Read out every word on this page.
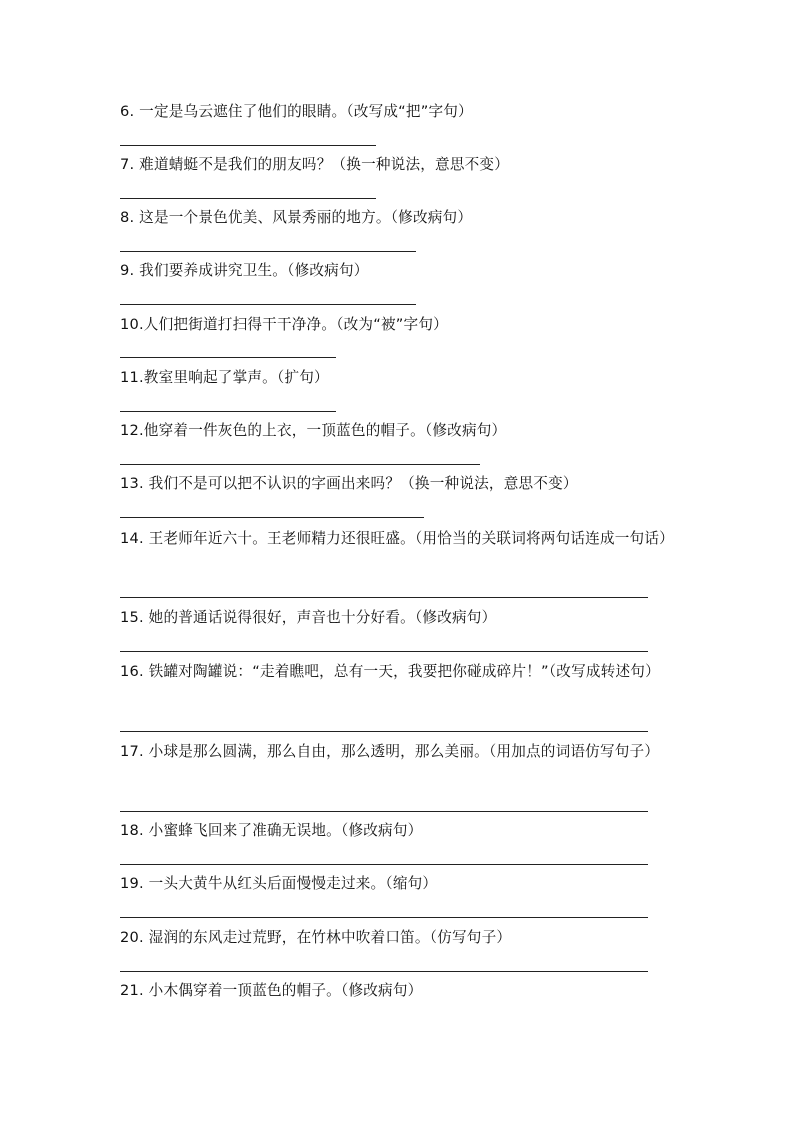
6. 一定是乌云遮住了他们的眼睛。（改写成“把”字句）
7. 难道蜻蜓不是我们的朋友吗？（换一种说法，意思不变）
8. 这是一个景色优美、风景秀丽的地方。（修改病句）
9. 我们要养成讲究卫生。（修改病句）
10.人们把街道打扫得干干净净。（改为“被”字句）
11.教室里响起了掌声。（扩句）
12.他穿着一件灰色的上衣，一顶蓝色的帽子。（修改病句）
13. 我们不是可以把不认识的字画出来吗？（换一种说法，意思不变）
14. 王老师年近六十。王老师精力还很旺盛。（用恰当的关联词将两句话连成一句话）
15. 她的普通话说得很好，声音也十分好看。（修改病句）
16. 铁罐对陶罐说：“走着瞧吧，总有一天，我要把你碰成碎片！”（改写成转述句）
17. 小球是那么圆满，那么自由，那么透明，那么美丽。（用加点的词语仿写句子）
18. 小蜜蜂飞回来了准确无误地。（修改病句）
19. 一头大黄牛从红头后面慢慢走过来。（缩句）
20. 湿润的东风走过荒野，在竹林中吹着口笛。（仿写句子）
21. 小木偶穿着一顶蓝色的帽子。（修改病句）
